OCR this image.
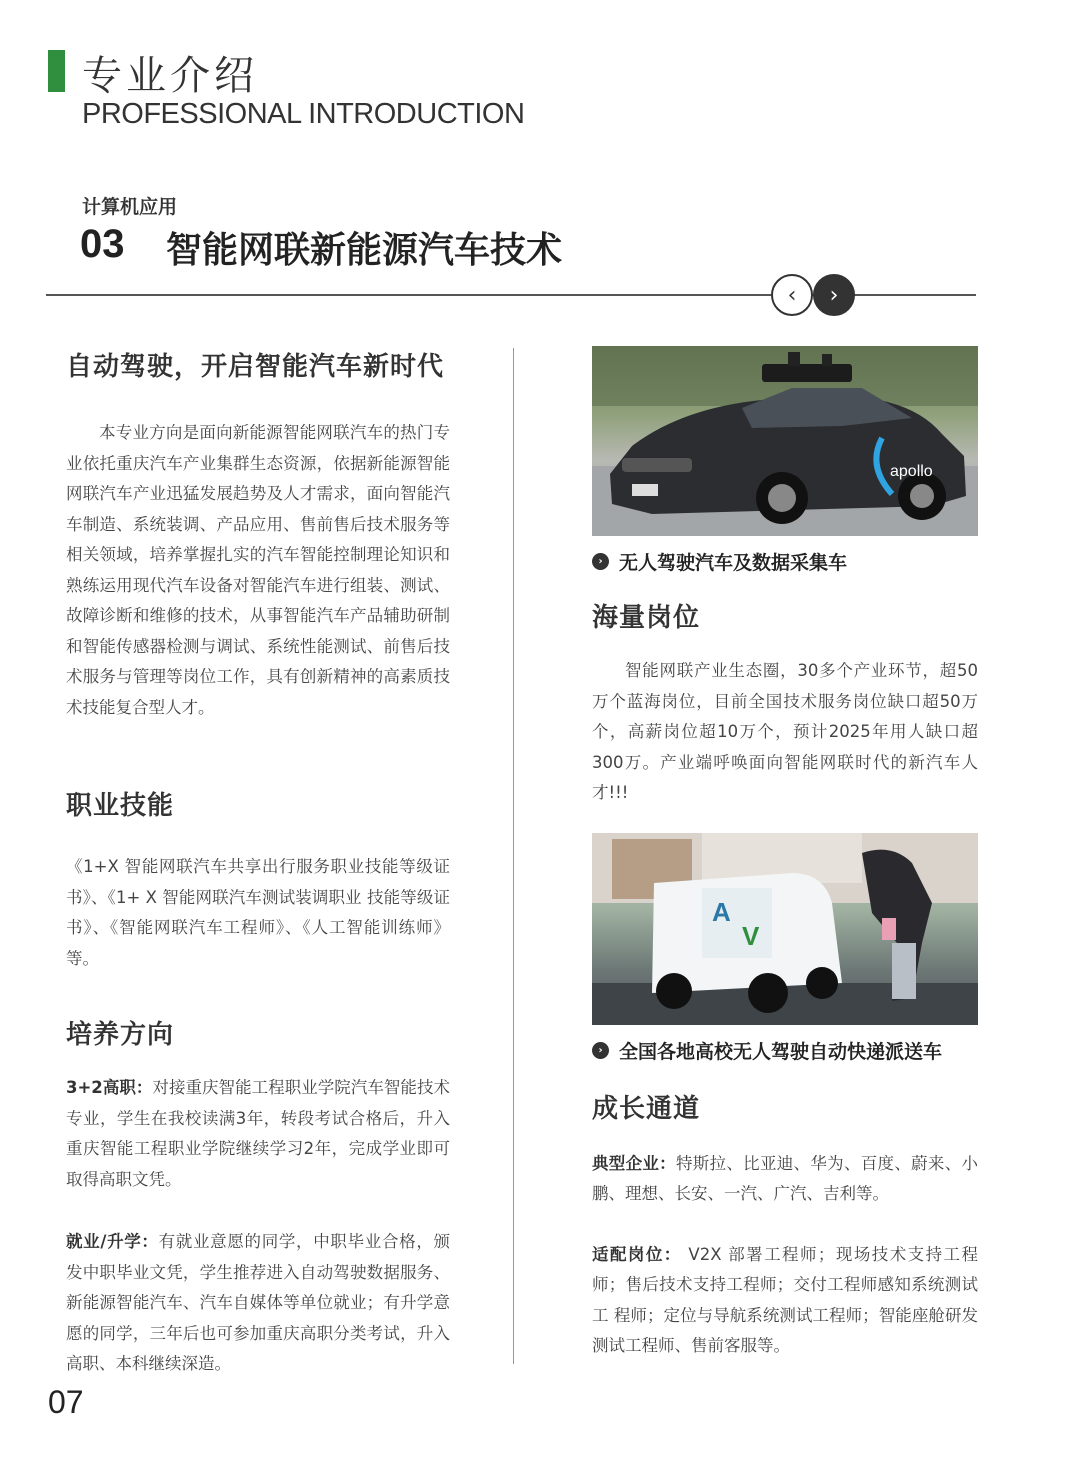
专业介绍
PROFESSIONAL INTRODUCTION
计算机应用
03 智能网联新能源汽车技术
‹ ›
自动驾驶，开启智能汽车新时代

本专业方向是面向新能源智能网联汽车的热门专业依托重庆汽车产业集群生态资源，依据新能源智能网联汽车产业迅猛发展趋势及人才需求，面向智能汽车制造、系统装调、产品应用、售前售后技术服务等相关领域，培养掌握扎实的汽车智能控制理论知识和熟练运用现代汽车设备对智能汽车进行组装、测试、故障诊断和维修的技术，从事智能汽车产品辅助研制和智能传感器检测与调试、系统性能测试、前售后技术服务与管理等岗位工作，具有创新精神的高素质技术技能复合型人才。

职业技能

《1+X 智能网联汽车共享出行服务职业技能等级证书》、《1+ X 智能网联汽车测试装调职业 技能等级证书》、《智能网联汽车工程师》、《人工智能训练师》等。

培养方向

3+2高职：对接重庆智能工程职业学院汽车智能技术专业，学生在我校读满3年，转段考试合格后，升入重庆智能工程职业学院继续学习2年，完成学业即可取得高职文凭。

就业/升学：有就业意愿的同学，中职毕业合格，颁发中职毕业文凭，学生推荐进入自动驾驶数据服务、新能源智能汽车、汽车自媒体等单位就业；有升学意愿的同学，三年后也可参加重庆高职分类考试，升入高职、本科继续深造。

apollo
› 无人驾驶汽车及数据采集车
海量岗位

智能网联产业生态圈，30多个产业环节，超50万个蓝海岗位，目前全国技术服务岗位缺口超50万个，高薪岗位超10万个，预计2025年用人缺口超300万。产业端呼唤面向智能网联时代的新汽车人才!!!

A
V
› 全国各地高校无人驾驶自动快递派送车
成长通道

典型企业：特斯拉、比亚迪、华为、百度、蔚来、小鹏、理想、长安、一汽、广汽、吉利等。

适配岗位： V2X 部署工程师；现场技术支持工程师；售后技术支持工程师；交付工程师感知系统测试工 程师；定位与导航系统测试工程师；智能座舱研发测试工程师、售前客服等。

07
